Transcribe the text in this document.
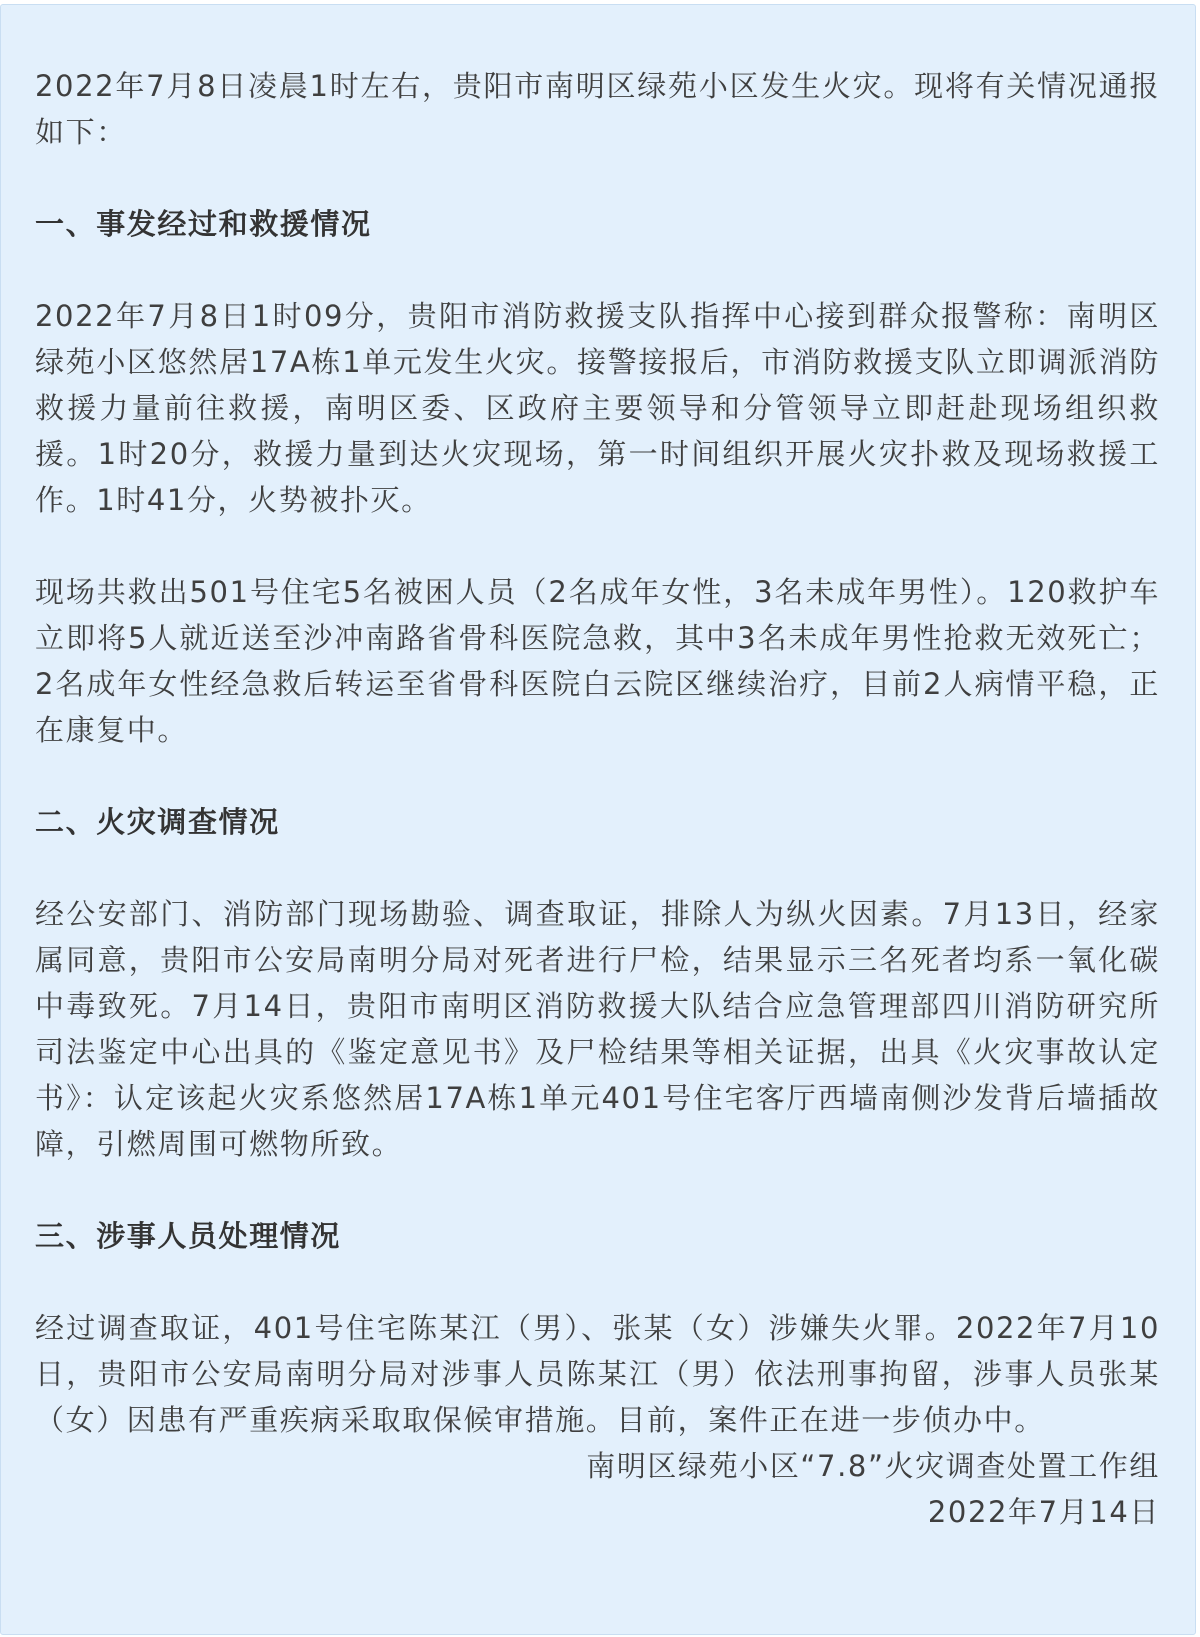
2022年7月8日凌晨1时左右，贵阳市南明区绿苑小区发生火灾。现将有关情况通报如下：

一、事发经过和救援情况

2022年7月8日1时09分，贵阳市消防救援支队指挥中心接到群众报警称：南明区绿苑小区悠然居17A栋1单元发生火灾。接警接报后，市消防救援支队立即调派消防救援力量前往救援，南明区委、区政府主要领导和分管领导立即赶赴现场组织救援。1时20分，救援力量到达火灾现场，第一时间组织开展火灾扑救及现场救援工作。1时41分，火势被扑灭。

现场共救出501号住宅5名被困人员（2名成年女性，3名未成年男性）。120救护车立即将5人就近送至沙冲南路省骨科医院急救，其中3名未成年男性抢救无效死亡；2名成年女性经急救后转运至省骨科医院白云院区继续治疗，目前2人病情平稳，正在康复中。

二、火灾调查情况

经公安部门、消防部门现场勘验、调查取证，排除人为纵火因素。7月13日，经家属同意，贵阳市公安局南明分局对死者进行尸检，结果显示三名死者均系一氧化碳中毒致死。7月14日，贵阳市南明区消防救援大队结合应急管理部四川消防研究所司法鉴定中心出具的《鉴定意见书》及尸检结果等相关证据，出具《火灾事故认定书》：认定该起火灾系悠然居17A栋1单元401号住宅客厅西墙南侧沙发背后墙插故障，引燃周围可燃物所致。

三、涉事人员处理情况

经过调查取证，401号住宅陈某江（男）、张某（女）涉嫌失火罪。2022年7月10日，贵阳市公安局南明分局对涉事人员陈某江（男）依法刑事拘留，涉事人员张某（女）因患有严重疾病采取取保候审措施。目前，案件正在进一步侦办中。

南明区绿苑小区“7.8”火灾调查处置工作组

2022年7月14日
